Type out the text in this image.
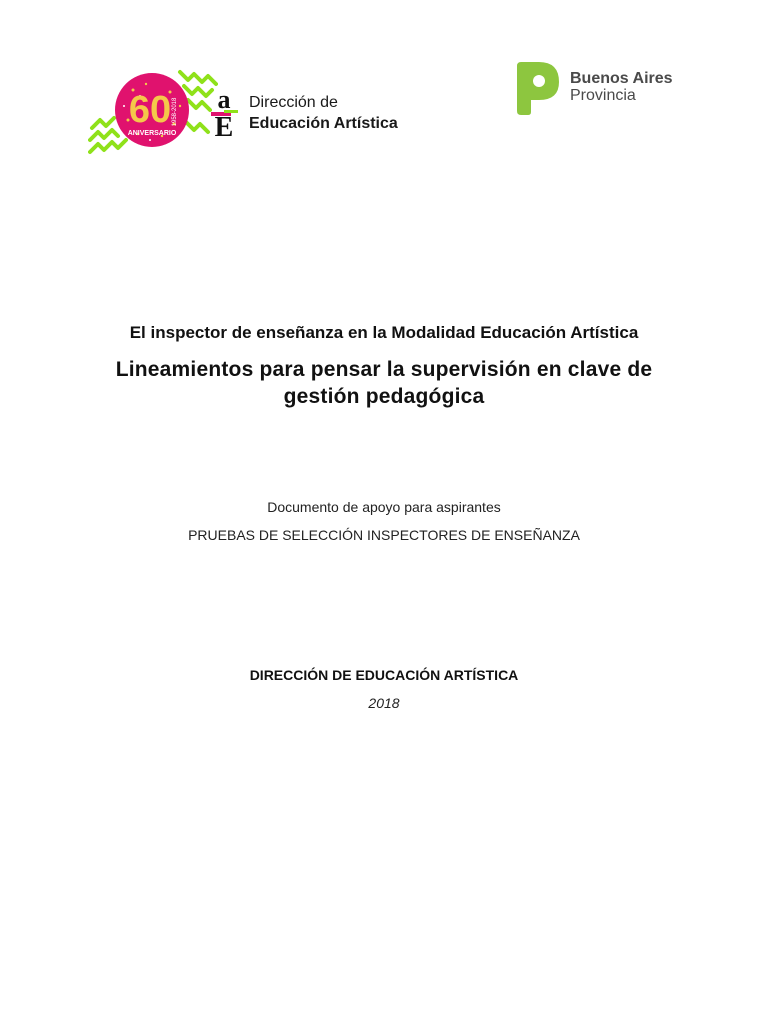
60 1958-2018
ANIVERSARIO
a
E
Dirección de
Educación Artística
Buenos Aires
Provincia
El inspector de enseñanza en la Modalidad Educación Artística
Lineamientos para pensar la supervisión en clave de
gestión pedagógica
Documento de apoyo para aspirantes
PRUEBAS DE SELECCIÓN INSPECTORES DE ENSEÑANZA
DIRECCIÓN DE EDUCACIÓN ARTÍSTICA
2018
